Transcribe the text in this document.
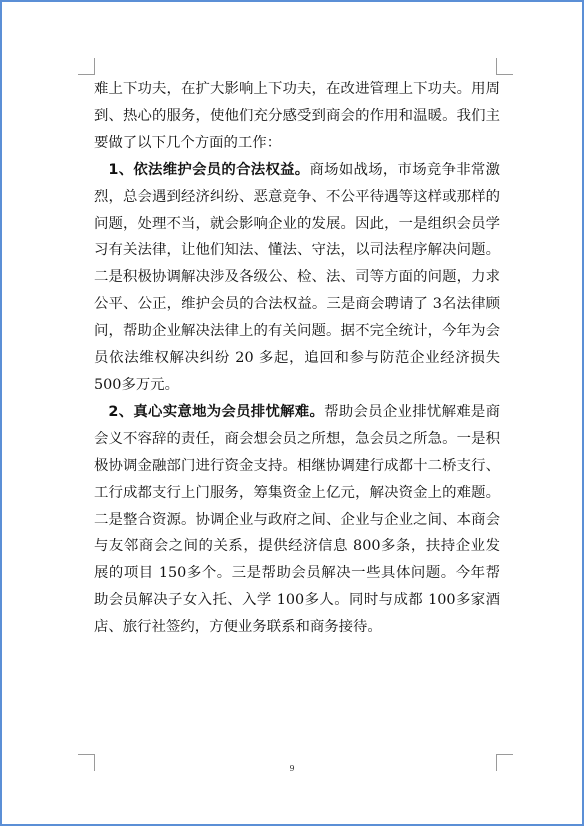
难上下功夫，在扩大影响上下功夫，在改进管理上下功夫。用周到、热心的服务，使他们充分感受到商会的作用和温暖。我们主要做了以下几个方面的工作：

1、依法维护会员的合法权益。商场如战场，市场竞争非常激烈，总会遇到经济纠纷、恶意竞争、不公平待遇等这样或那样的问题，处理不当，就会影响企业的发展。因此，一是组织会员学习有关法律，让他们知法、懂法、守法，以司法程序解决问题。二是积极协调解决涉及各级公、检、法、司等方面的问题，力求公平、公正，维护会员的合法权益。三是商会聘请了 3名法律顾问，帮助企业解决法律上的有关问题。据不完全统计，今年为会员依法维权解决纠纷 20 多起，追回和参与防范企业经济损失 500多万元。

2、真心实意地为会员排忧解难。帮助会员企业排忧解难是商会义不容辞的责任，商会想会员之所想，急会员之所急。一是积极协调金融部门进行资金支持。相继协调建行成都十二桥支行、工行成都支行上门服务，筹集资金上亿元，解决资金上的难题。二是整合资源。协调企业与政府之间、企业与企业之间、本商会与友邻商会之间的关系，提供经济信息 800多条，扶持企业发展的项目 150多个。三是帮助会员解决一些具体问题。今年帮助会员解决子女入托、入学 100多人。同时与成都 100多家酒店、旅行社签约，方便业务联系和商务接待。

9
